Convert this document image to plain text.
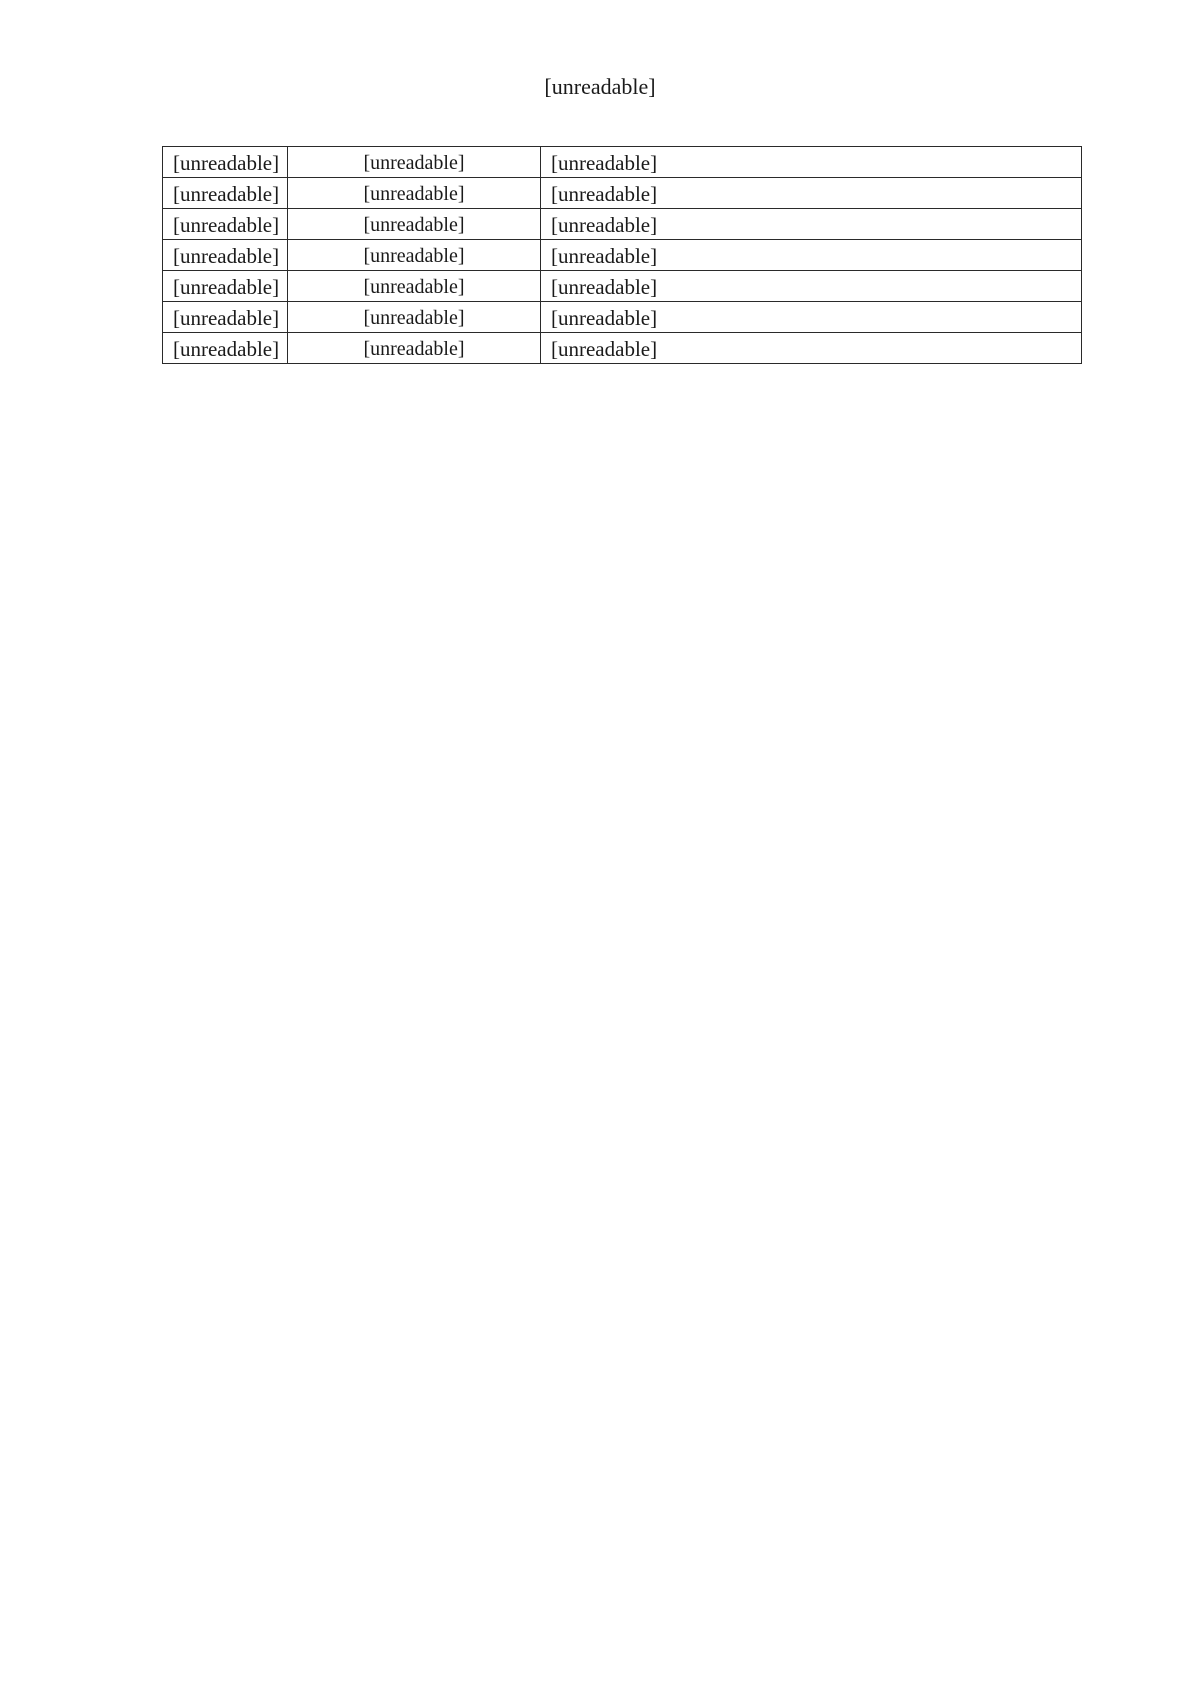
[unreadable]
[unreadable]	[unreadable]	[unreadable]
[unreadable]	[unreadable]	[unreadable]
[unreadable]	[unreadable]	[unreadable]
[unreadable]	[unreadable]	[unreadable]
[unreadable]	[unreadable]	[unreadable]
[unreadable]	[unreadable]	[unreadable]
[unreadable]	[unreadable]	[unreadable]
